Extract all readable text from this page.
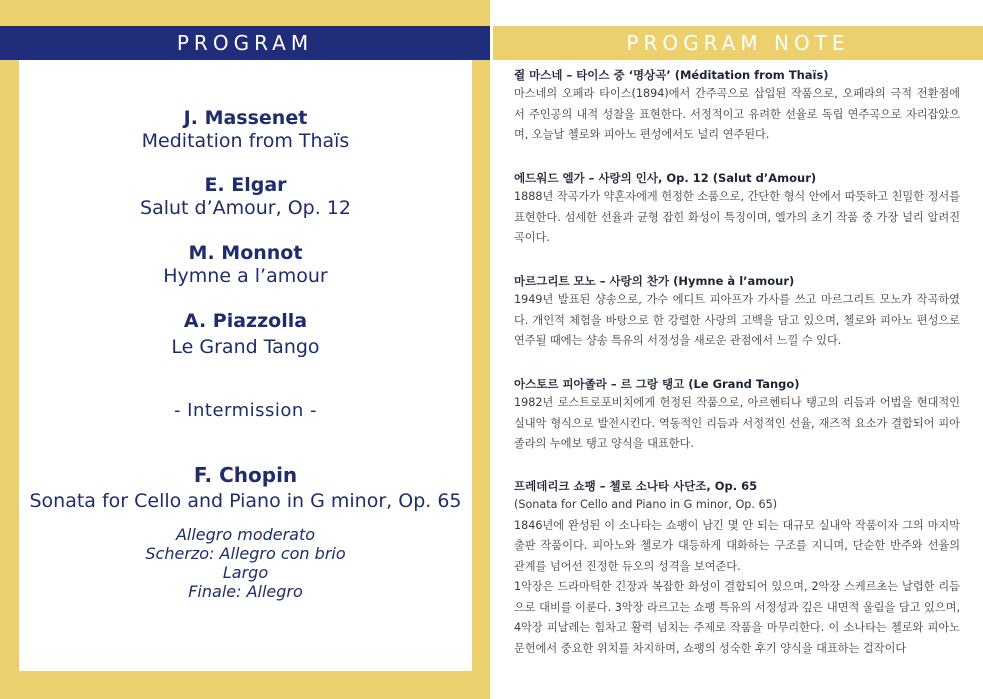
PROGRAM
J. Massenet
Meditation from Thaïs
E. Elgar
Salut d’Amour, Op. 12
M. Monnot
Hymne a l’amour
A. Piazzolla
Le Grand Tango
- Intermission -
F. Chopin
Sonata for Cello and Piano in G minor, Op. 65
Allegro moderato
Scherzo: Allegro con brio
Largo
Finale: Allegro
PROGRAM NOTE
쥘 마스네 – 타이스 중 ‘명상곡’ (Méditation from Thaïs)

마스네의 오페라 타이스(1894)에서 간주곡으로 삽입된 작품으로, 오페라의 극적 전환점에서 주인공의 내적 성찰을 표현한다. 서정적이고 유려한 선율로 독립 연주곡으로 자리잡았으며, 오늘날 첼로와 피아노 편성에서도 널리 연주된다.

에드워드 엘가 – 사랑의 인사, Op. 12 (Salut d’Amour)

1888년 작곡가가 약혼자에게 헌정한 소품으로, 간단한 형식 안에서 따뜻하고 친밀한 정서를 표현한다. 섬세한 선율과 균형 잡힌 화성이 특징이며, 엘가의 초기 작품 중 가장 널리 알려진 곡이다.

마르그리트 모노 – 사랑의 찬가 (Hymne à l’amour)

1949년 발표된 샹송으로, 가수 에디트 피아프가 가사를 쓰고 마르그리트 모노가 작곡하였다. 개인적 체험을 바탕으로 한 강렬한 사랑의 고백을 담고 있으며, 첼로와 피아노 편성으로 연주될 때에는 샹송 특유의 서정성을 새로운 관점에서 느낄 수 있다.

아스토르 피아졸라 – 르 그랑 탱고 (Le Grand Tango)

1982년 로스트로포비치에게 헌정된 작품으로, 아르헨티나 탱고의 리듬과 어법을 현대적인 실내악 형식으로 발전시킨다. 역동적인 리듬과 서정적인 선율, 재즈적 요소가 결합되어 피아졸라의 누에보 탱고 양식을 대표한다.

프레데리크 쇼팽 – 첼로 소나타 사단조, Op. 65

(Sonata for Cello and Piano in G minor, Op. 65)

1846년에 완성된 이 소나타는 쇼팽이 남긴 몇 안 되는 대규모 실내악 작품이자 그의 마지막 출판 작품이다. 피아노와 첼로가 대등하게 대화하는 구조를 지니며, 단순한 반주와 선율의 관계를 넘어선 진정한 듀오의 성격을 보여준다.

1악장은 드라마틱한 긴장과 복잡한 화성이 결합되어 있으며, 2악장 스케르초는 날렵한 리듬으로 대비를 이룬다. 3악장 라르고는 쇼팽 특유의 서정성과 깊은 내면적 울림을 담고 있으며, 4악장 피날레는 힘차고 활력 넘치는 주제로 작품을 마무리한다. 이 소나타는 첼로와 피아노 문헌에서 중요한 위치를 차지하며, 쇼팽의 성숙한 후기 양식을 대표하는 걸작이다
